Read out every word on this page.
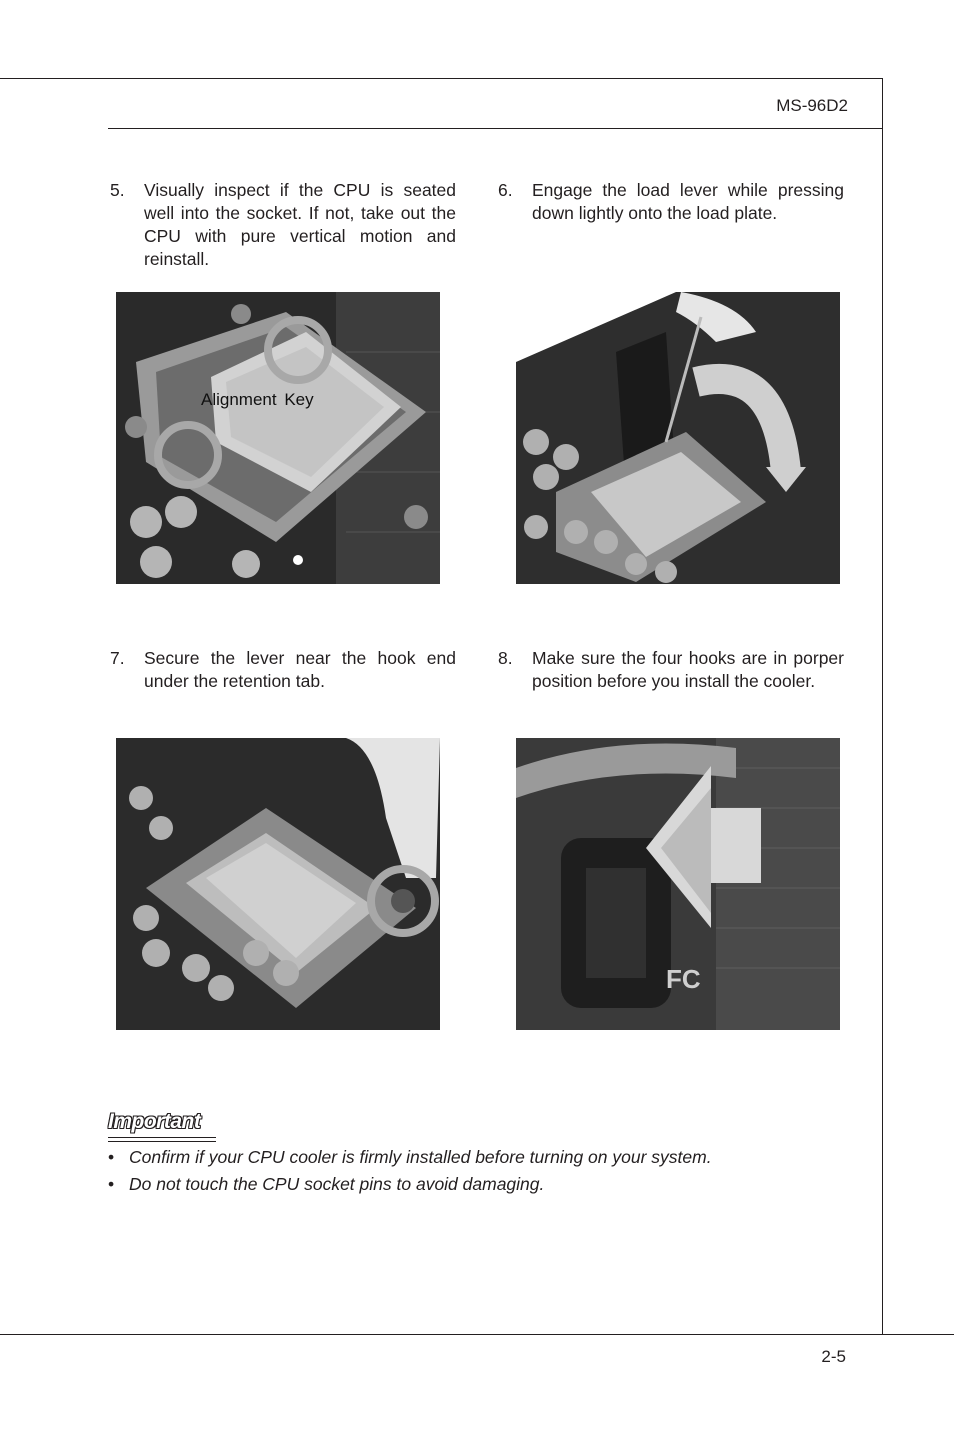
MS-96D2
5. Visually inspect if the CPU is seated well into the socket. If not, take out the CPU with pure vertical motion and reinstall.
6. Engage the load lever while pressing down lightly onto the load plate.
Alignment Key
7. Secure the lever near the hook end under the retention tab.
8. Make sure the four hooks are in porper position before you install the cooler.
FC
Important
• Confirm if your CPU cooler is firmly installed before turning on your system.
• Do not touch the CPU socket pins to avoid damaging.
2-5
